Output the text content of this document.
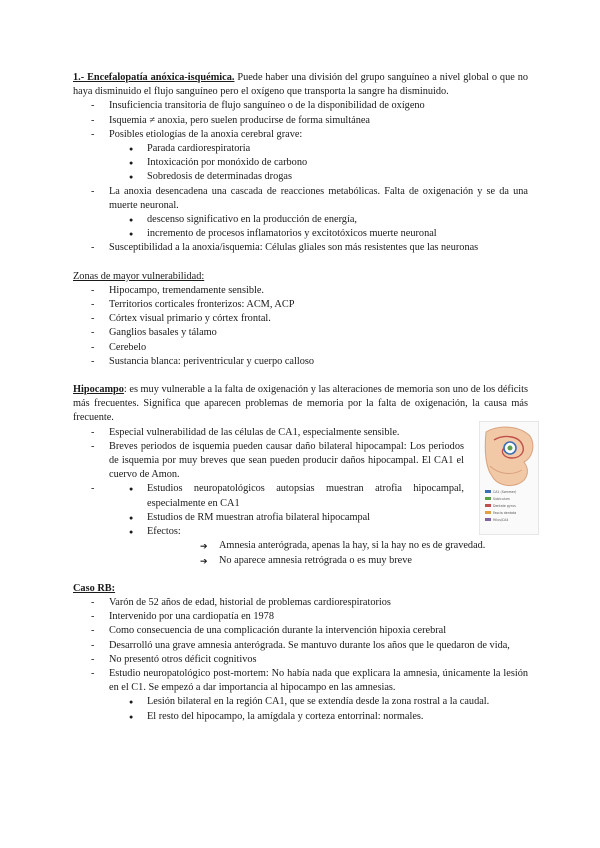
1.- Encefalopatía anóxica-isquémica. Puede haber una división del grupo sanguíneo a nivel global o que no haya disminuido el flujo sanguíneo pero el oxígeno que transporta la sangre ha disminuido.
- Insuficiencia transitoria de flujo sanguíneo o de la disponibilidad de oxígeno
- Isquemia ≠ anoxia, pero suelen producirse de forma simultánea
- Posibles etiologías de la anoxia cerebral grave:
● Parada cardiorespiratoria
● Intoxicación por monóxido de carbono
● Sobredosis de determinadas drogas
- La anoxia desencadena una cascada de reacciones metabólicas. Falta de oxigenación y se da una muerte neuronal.
● descenso significativo en la producción de energía,
● incremento de procesos inflamatorios y excitotóxicos muerte neuronal
- Susceptibilidad a la anoxia/isquemia: Células gliales son más resistentes que las neuronas
Zonas de mayor vulnerabilidad:
- Hipocampo, tremendamente sensible.
- Territorios corticales fronterizos: ACM, ACP
- Córtex visual primario y córtex frontal.
- Ganglios basales y tálamo
- Cerebelo
- Sustancia blanca: periventricular y cuerpo calloso
Hipocampo: es muy vulnerable a la falta de oxigenación y las alteraciones de memoria son uno de los déficits más frecuentes. Significa que aparecen problemas de memoria por la falta de oxigenación, la causa más frecuente.
- Especial vulnerabilidad de las células de CA1, especialmente sensible.
- Breves periodos de isquemia pueden causar daño bilateral hipocampal: Los periodos de isquemia por muy breves que sean pueden producir daños hipocampal. El CA1 el cuervo de Amon.
● - Estudios neuropatológicos autopsias muestran atrofia hipocampal, especialmente en CA1
● Estudios de RM muestran atrofia bilateral hipocampal
● Efectos:
➔ Amnesia anterógrada, apenas la hay, si la hay no es de gravedad.
➔ No aparece amnesia retrógrada o es muy breve
CA1 (Sommer)
Subiculum
Dentate gyrus
Fascia dentata
Hilus/CA4
Caso RB:
- Varón de 52 años de edad, historial de problemas cardiorespiratorios
- Intervenido por una cardiopatía en 1978
- Como consecuencia de una complicación durante la intervención hipoxia cerebral
- Desarrolló una grave amnesia anterógrada. Se mantuvo durante los años que le quedaron de vida,
- No presentó otros déficit cognitivos
- Estudio neuropatológico post-mortem: No había nada que explicara la amnesia, únicamente la lesión en el C1. Se empezó a dar importancia al hipocampo en las amnesias.
● Lesión bilateral en la región CA1, que se extendía desde la zona rostral a la caudal.
● El resto del hipocampo, la amígdala y corteza entorrinal: normales.
